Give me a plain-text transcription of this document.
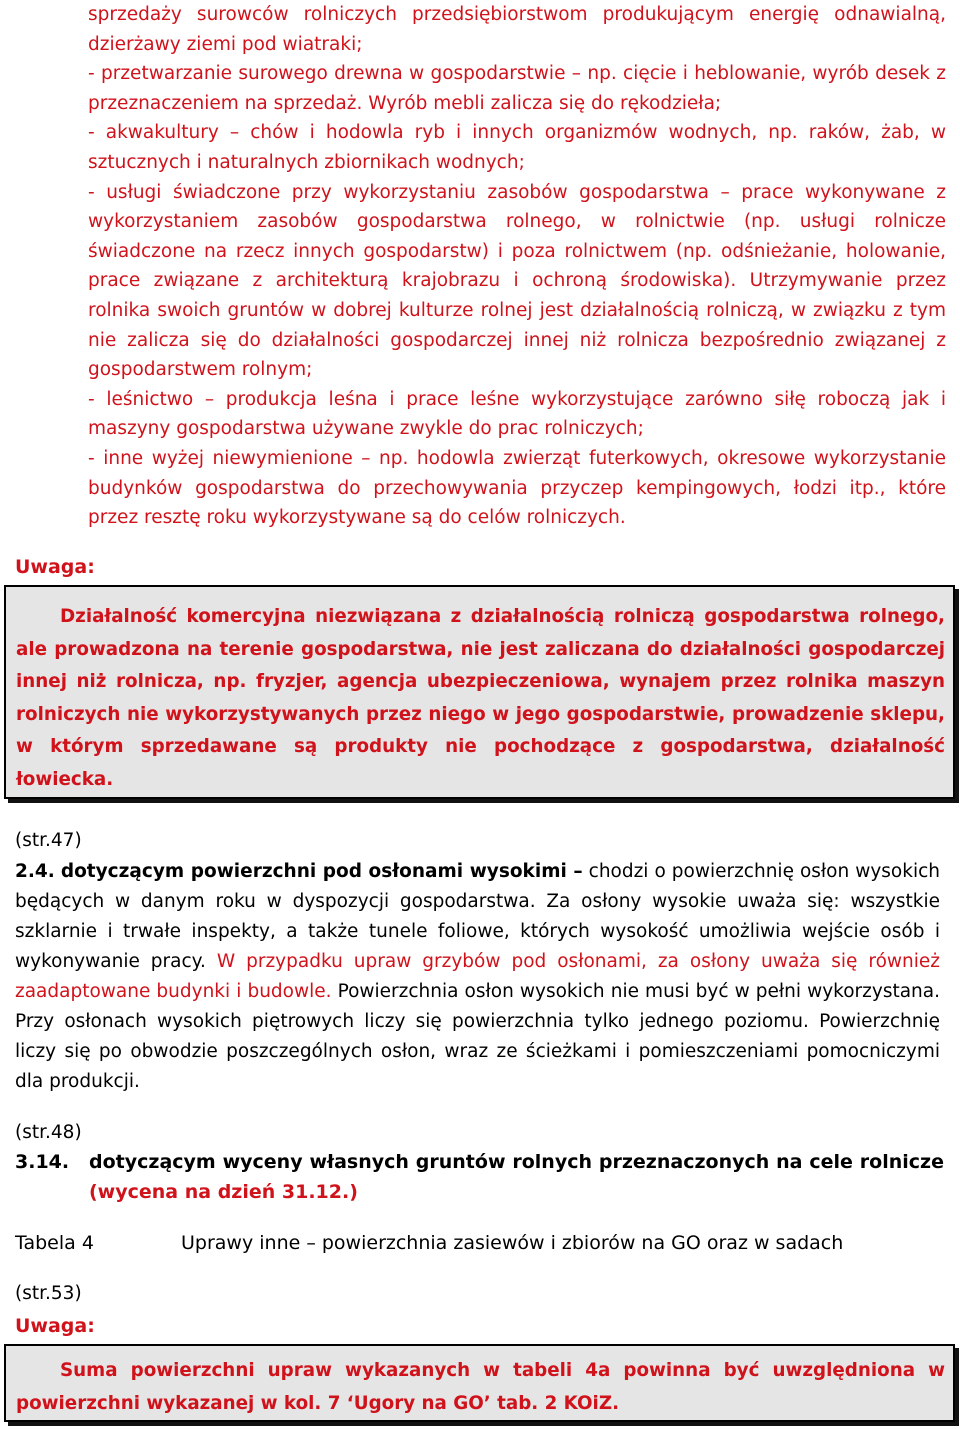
sprzedaży surowców rolniczych przedsiębiorstwom produkującym energię odnawialną, dzierżawy ziemi pod wiatraki;
- przetwarzanie surowego drewna w gospodarstwie – np. cięcie i heblowanie, wyrób desek z przeznaczeniem na sprzedaż. Wyrób mebli zalicza się do rękodzieła;
- akwakultury – chów i hodowla ryb i innych organizmów wodnych, np. raków, żab, w sztucznych i naturalnych zbiornikach wodnych;
- usługi świadczone przy wykorzystaniu zasobów gospodarstwa – prace wykonywane z wykorzystaniem zasobów gospodarstwa rolnego, w rolnictwie (np. usługi rolnicze świadczone na rzecz innych gospodarstw) i poza rolnictwem (np. odśnieżanie, holowanie, prace związane z architekturą krajobrazu i ochroną środowiska). Utrzymywanie przez rolnika swoich gruntów w dobrej kulturze rolnej jest działalnością rolniczą, w związku z tym nie zalicza się do działalności gospodarczej innej niż rolnicza bezpośrednio związanej z gospodarstwem rolnym;
- leśnictwo – produkcja leśna i prace leśne wykorzystujące zarówno siłę roboczą jak i maszyny gospodarstwa używane zwykle do prac rolniczych;
- inne wyżej niewymienione – np. hodowla zwierząt futerkowych, okresowe wykorzystanie budynków gospodarstwa do przechowywania przyczep kempingowych, łodzi itp., które przez resztę roku wykorzystywane są do celów rolniczych.
Uwaga:

Działalność komercyjna niezwiązana z działalnością rolniczą gospodarstwa rolnego, ale prowadzona na terenie gospodarstwa, nie jest zaliczana do działalności gospodarczej innej niż rolnicza, np. fryzjer, agencja ubezpieczeniowa, wynajem przez rolnika maszyn rolniczych nie wykorzystywanych przez niego w jego gospodarstwie, prowadzenie sklepu, w którym sprzedawane są produkty nie pochodzące z gospodarstwa, działalność łowiecka.

(str.47)
2.4. dotyczącym powierzchni pod osłonami wysokimi – chodzi o powierzchnię osłon wysokich będących w danym roku w dyspozycji gospodarstwa. Za osłony wysokie uważa się: wszystkie szklarnie i trwałe inspekty, a także tunele foliowe, których wysokość umożliwia wejście osób i wykonywanie pracy. W przypadku upraw grzybów pod osłonami, za osłony uważa się również zaadaptowane budynki i budowle. Powierzchnia osłon wysokich nie musi być w pełni wykorzystana. Przy osłonach wysokich piętrowych liczy się powierzchnia tylko jednego poziomu. Powierzchnię liczy się po obwodzie poszczególnych osłon, wraz ze ścieżkami i pomieszczeniami pomocniczymi dla produkcji.
(str.48)
3.14. dotyczącym wyceny własnych gruntów rolnych przeznaczonych na cele rolnicze (wycena na dzień 31.12.)
Tabela 4	Uprawy inne – powierzchnia zasiewów i zbiorów na GO oraz w sadach
(str.53)
Uwaga:

Suma powierzchni upraw wykazanych w tabeli 4a powinna być uwzględniona w powierzchni wykazanej w kol. 7 ‘Ugory na GO’ tab. 2 KOiZ.
